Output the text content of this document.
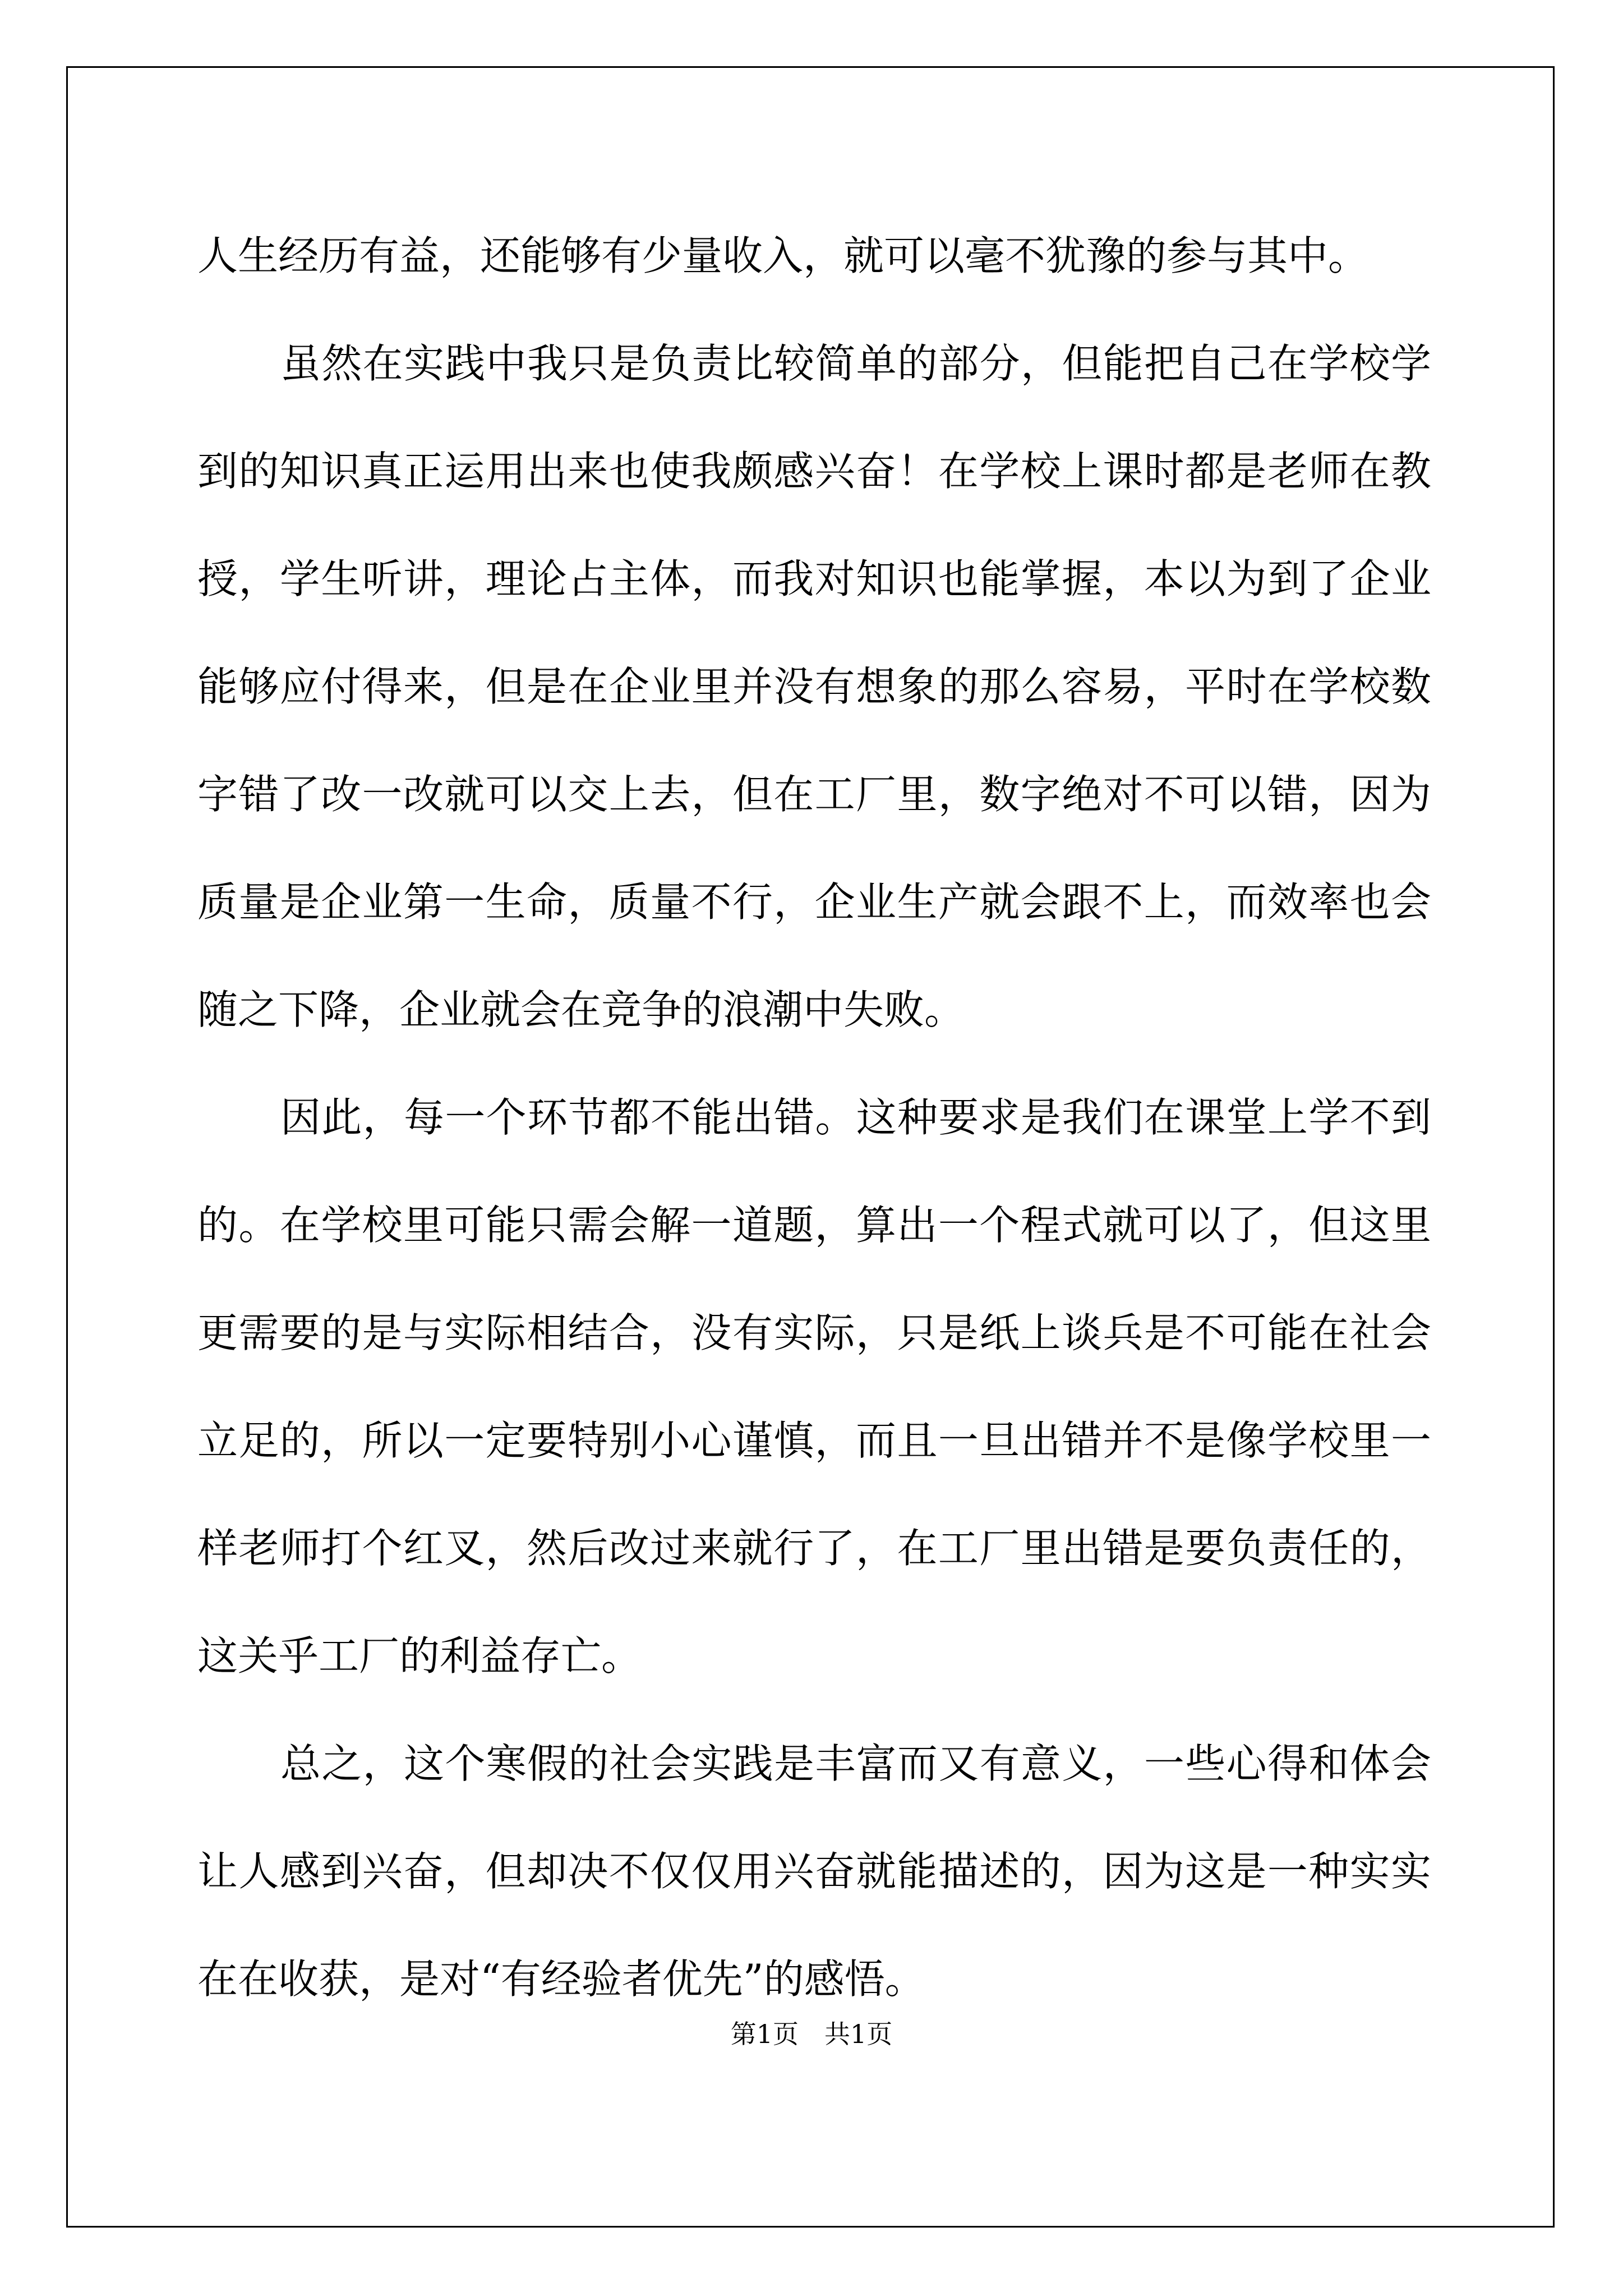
人生经历有益，还能够有少量收入，就可以毫不犹豫的参与其中。

虽然在实践中我只是负责比较简单的部分，但能把自己在学校学到的知识真正运用出来也使我颇感兴奋！在学校上课时都是老师在教授，学生听讲，理论占主体，而我对知识也能掌握，本以为到了企业能够应付得来，但是在企业里并没有想象的那么容易，平时在学校数字错了改一改就可以交上去，但在工厂里，数字绝对不可以错，因为质量是企业第一生命，质量不行，企业生产就会跟不上，而效率也会随之下降，企业就会在竞争的浪潮中失败。

因此，每一个环节都不能出错。这种要求是我们在课堂上学不到的。在学校里可能只需会解一道题，算出一个程式就可以了，但这里更需要的是与实际相结合，没有实际，只是纸上谈兵是不可能在社会立足的，所以一定要特别小心谨慎，而且一旦出错并不是像学校里一样老师打个红叉，然后改过来就行了，在工厂里出错是要负责任的，这关乎工厂的利益存亡。

总之，这个寒假的社会实践是丰富而又有意义，一些心得和体会让人感到兴奋，但却决不仅仅用兴奋就能描述的，因为这是一种实实在在收获，是对“有经验者优先”的感悟。

第1页 共1页
